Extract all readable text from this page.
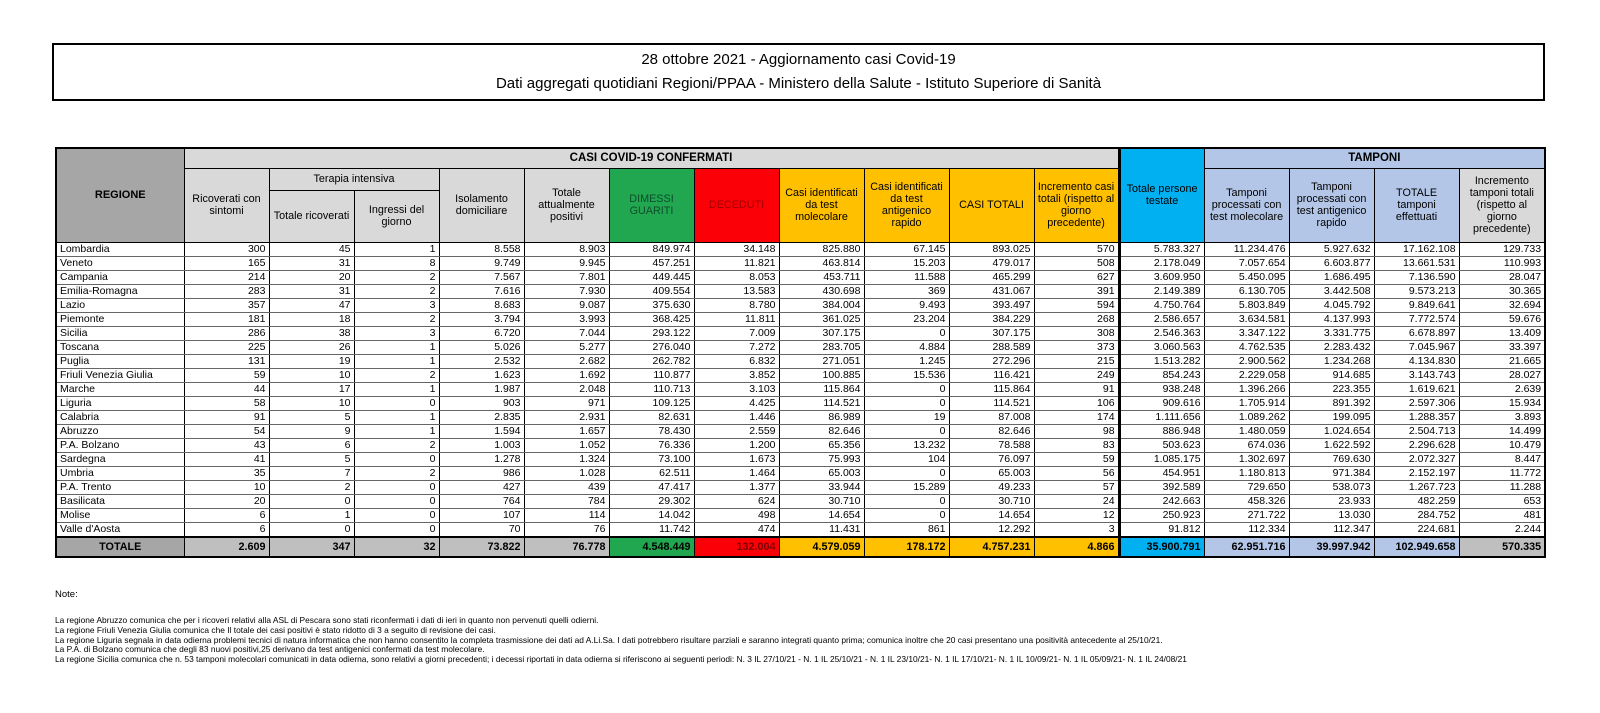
28 ottobre 2021 - Aggiornamento casi Covid-19
Dati aggregati quotidiani Regioni/PPAA - Ministero della Salute - Istituto Superiore di Sanità
REGIONE	CASI COVID-19 CONFERMATI											Totale persone testate	TAMPONI			
	Ricoverati con sintomi	Terapia intensiva		Isolamento domiciliare	Totale attualmente positivi	DIMESSI GUARITI	DECEDUTI	Casi identificati da test molecolare	Casi identificati da test antigenico rapido	CASI TOTALI	Incremento casi totali (rispetto al giorno precedente)		Tamponi processati con test molecolare	Tamponi processati con test antigenico rapido	TOTALE tamponi effettuati	Incremento tamponi totali (rispetto al giorno precedente)
		Totale ricoverati	Ingressi del giorno													
Lombardia	300	45	1	8.558	8.903	849.974	34.148	825.880	67.145	893.025	570	5.783.327	11.234.476	5.927.632	17.162.108	129.733
Veneto	165	31	8	9.749	9.945	457.251	11.821	463.814	15.203	479.017	508	2.178.049	7.057.654	6.603.877	13.661.531	110.993
Campania	214	20	2	7.567	7.801	449.445	8.053	453.711	11.588	465.299	627	3.609.950	5.450.095	1.686.495	7.136.590	28.047
Emilia-Romagna	283	31	2	7.616	7.930	409.554	13.583	430.698	369	431.067	391	2.149.389	6.130.705	3.442.508	9.573.213	30.365
Lazio	357	47	3	8.683	9.087	375.630	8.780	384.004	9.493	393.497	594	4.750.764	5.803.849	4.045.792	9.849.641	32.694
Piemonte	181	18	2	3.794	3.993	368.425	11.811	361.025	23.204	384.229	268	2.586.657	3.634.581	4.137.993	7.772.574	59.676
Sicilia	286	38	3	6.720	7.044	293.122	7.009	307.175	0	307.175	308	2.546.363	3.347.122	3.331.775	6.678.897	13.409
Toscana	225	26	1	5.026	5.277	276.040	7.272	283.705	4.884	288.589	373	3.060.563	4.762.535	2.283.432	7.045.967	33.397
Puglia	131	19	1	2.532	2.682	262.782	6.832	271.051	1.245	272.296	215	1.513.282	2.900.562	1.234.268	4.134.830	21.665
Friuli Venezia Giulia	59	10	2	1.623	1.692	110.877	3.852	100.885	15.536	116.421	249	854.243	2.229.058	914.685	3.143.743	28.027
Marche	44	17	1	1.987	2.048	110.713	3.103	115.864	0	115.864	91	938.248	1.396.266	223.355	1.619.621	2.639
Liguria	58	10	0	903	971	109.125	4.425	114.521	0	114.521	106	909.616	1.705.914	891.392	2.597.306	15.934
Calabria	91	5	1	2.835	2.931	82.631	1.446	86.989	19	87.008	174	1.111.656	1.089.262	199.095	1.288.357	3.893
Abruzzo	54	9	1	1.594	1.657	78.430	2.559	82.646	0	82.646	98	886.948	1.480.059	1.024.654	2.504.713	14.499
P.A. Bolzano	43	6	2	1.003	1.052	76.336	1.200	65.356	13.232	78.588	83	503.623	674.036	1.622.592	2.296.628	10.479
Sardegna	41	5	0	1.278	1.324	73.100	1.673	75.993	104	76.097	59	1.085.175	1.302.697	769.630	2.072.327	8.447
Umbria	35	7	2	986	1.028	62.511	1.464	65.003	0	65.003	56	454.951	1.180.813	971.384	2.152.197	11.772
P.A. Trento	10	2	0	427	439	47.417	1.377	33.944	15.289	49.233	57	392.589	729.650	538.073	1.267.723	11.288
Basilicata	20	0	0	764	784	29.302	624	30.710	0	30.710	24	242.663	458.326	23.933	482.259	653
Molise	6	1	0	107	114	14.042	498	14.654	0	14.654	12	250.923	271.722	13.030	284.752	481
Valle d'Aosta	6	0	0	70	76	11.742	474	11.431	861	12.292	3	91.812	112.334	112.347	224.681	2.244
TOTALE	2.609	347	32	73.822	76.778	4.548.449	132.004	4.579.059	178.172	4.757.231	4.866	35.900.791	62.951.716	39.997.942	102.949.658	570.335
Note:
La regione Abruzzo comunica che per i ricoveri relativi alla ASL di Pescara sono stati riconfermati i dati di ieri in quanto non pervenuti quelli odierni.
La regione Friuli Venezia Giulia comunica che Il totale dei casi positivi è stato ridotto di 3 a seguito di revisione dei casi.
La regione Liguria segnala in data odierna problemi tecnici di natura informatica che non hanno consentito la completa trasmissione dei dati ad A.Li.Sa. I dati potrebbero risultare parziali e saranno integrati quanto prima; comunica inoltre che 20 casi presentano una positività antecedente al 25/10/21.
La P.A. di Bolzano comunica che degli 83 nuovi positivi,25 derivano da test antigenici confermati da test molecolare.
La regione Sicilia comunica che n. 53 tamponi molecolari comunicati in data odierna, sono relativi a giorni precedenti; i decessi riportati in data odierna si riferiscono ai seguenti periodi: N. 3 IL 27/10/21 - N. 1 IL 25/10/21 - N. 1 IL 23/10/21- N. 1 IL 17/10/21- N. 1 IL 10/09/21- N. 1 IL 05/09/21- N. 1 IL 24/08/21
